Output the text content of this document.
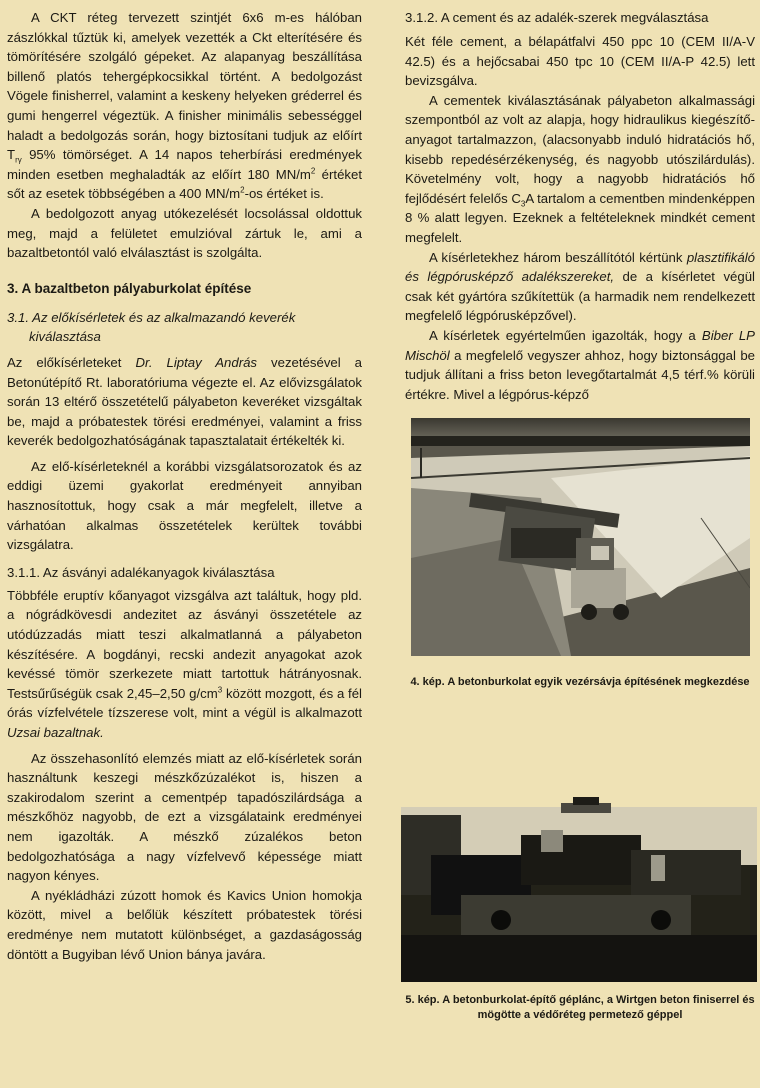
A CKT réteg tervezett szintjét 6x6 m-es hálóban zászlókkal tűztük ki, amelyek vezették a Ckt elterítésére és tömörítésére szolgáló gépeket. Az alapanyag beszállítása billenő platós tehergépkocsikkal történt. A bedolgozást Vögele finisherrel, valamint a keskeny helyeken gréderrel és gumi hengerrel végeztük. A finisher minimális sebességgel haladt a bedolgozás során, hogy biztosítani tudjuk az előírt $T_{r\gamma}$ 95% tömörséget. A 14 napos teherbírási eredmények minden esetben meghaladták az előírt 180 $MN/m^2$ értéket sőt az esetek többségében a 400 $MN/m^2-os$ értéket is.

A bedolgozott anyag utókezelését locsolással oldottuk meg, majd a felületet emulzióval zártuk le, ami a bazaltbetontól való elválasztást is szolgálta.

3. A bazaltbeton pályaburkolat építése
3.1. Az előkísérletek és az alkalmazandó keverék kiválasztása

Az előkísérleteket Dr. Liptay András vezetésével a Betonútépítő Rt. laboratóriuma végezte el. Az elővizsgálatok során 13 eltérő összetételű pályabeton keveréket vizsgáltak be, majd a próbatestek törési eredményei, valamint a friss keverék bedolgozhatóságának tapasztalatait értékelték ki.

Az elő-kísérleteknél a korábbi vizsgálatsorozatok és az eddigi üzemi gyakorlat eredményeit annyiban hasznosítottuk, hogy csak a már megfelelt, illetve a várhatóan alkalmas összetételek kerültek további vizsgálatra.

3.1.1. Az ásványi adalékanyagok kiválasztása

Többféle eruptív kőanyagot vizsgálva azt találtuk, hogy pld. a nógrádkövesdi andezitet az ásványi összetétele az utódúzzadás miatt teszi alkalmatlanná a pályabeton készítésére. A bogdányi, recski andezit anyagokat azok kevéssé tömör szerkezete miatt tartottuk hátrányosnak. Testsűrűségük csak 2,45–2,50 $g/cm^3$ között mozgott, és a fél órás vízfelvétele tízszerese volt, mint a végül is alkalmazott Uzsai bazaltnak.

Az összehasonlító elemzés miatt az elő-kísérletek során használtunk keszegi mészkőzúzalékot is, hiszen a szakirodalom szerint a cementpép tapadószilárdsága a mészkőhöz nagyobb, de ezt a vizsgálataink eredményei nem igazolták. A mészkő zúzalékos beton bedolgozhatósága a nagy vízfelvevő képessége miatt nagyon kényes.

A nyékládházi zúzott homok és Kavics Union homokja között, mivel a belőlük készített próbatestek törési eredménye nem mutatott különbséget, a gazdaságosság döntött a Bugyiban lévő Union bánya javára.

3.1.2. A cement és az adalék-szerek megválasztása

Két féle cement, a bélapátfalvi 450 ppc 10 (CEM II/A-V 42.5) és a hejőcsabai 450 tpc 10 (CEM II/A-P 42.5) lett bevizsgálva.

A cementek kiválasztásának pályabeton alkalmassági szempontból az volt az alapja, hogy hidraulikus kiegészítő-anyagot tartalmazzon, (alacsonyabb induló hidratációs hő, kisebb repedésérzékenység, és nagyobb utószilárdulás). Követelmény volt, hogy a nagyobb hidratációs hő fejlődésért felelős $C_3A$ tartalom a cementben mindenképpen 8 % alatt legyen. Ezeknek a feltételeknek mindkét cement megfelelt.

A kísérletekhez három beszállítótól kértünk plasztifikáló és légpórusképző adalékszereket, de a kísérletet végül csak két gyártóra szűkítettük (a harmadik nem rendelkezett megfelelő légpórusképzővel).

A kísérletek egyértelműen igazolták, hogy a Biber LP Mischöl a megfelelő vegyszer ahhoz, hogy biztonsággal be tudjuk állítani a friss beton levegőtartalmát 4,5 térf.% körüli értékre. Mivel a légpórus-képző

4. kép. A betonburkolat egyik vezérsávja építésének megkezdése
5. kép. A betonburkolat-építő géplánc, a Wirtgen beton finiserrel és mögötte a védőréteg permetező géppel
